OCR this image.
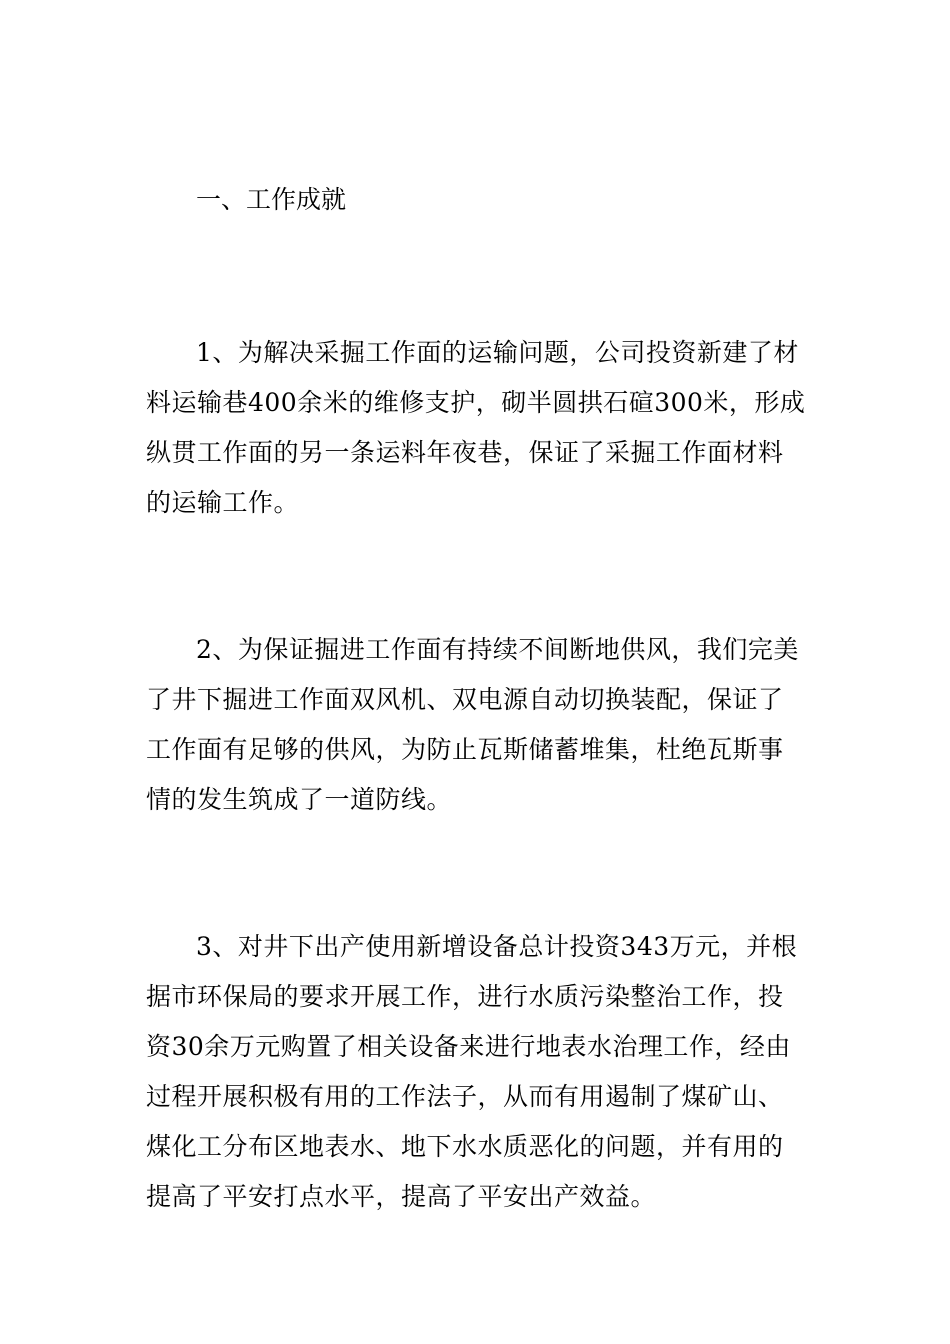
一、工作成就

1、为解决采掘工作面的运输问题，公司投资新建了材
料运输巷400余米的维修支护，砌半圆拱石碹300米，形成
纵贯工作面的另一条运料年夜巷，保证了采掘工作面材料
的运输工作。

2、为保证掘进工作面有持续不间断地供风，我们完美
了井下掘进工作面双风机、双电源自动切换装配，保证了
工作面有足够的供风，为防止瓦斯储蓄堆集，杜绝瓦斯事
情的发生筑成了一道防线。

3、对井下出产使用新增设备总计投资343万元，并根
据市环保局的要求开展工作，进行水质污染整治工作，投
资30余万元购置了相关设备来进行地表水治理工作，经由
过程开展积极有用的工作法子，从而有用遏制了煤矿山、
煤化工分布区地表水、地下水水质恶化的问题，并有用的
提高了平安打点水平，提高了平安出产效益。
